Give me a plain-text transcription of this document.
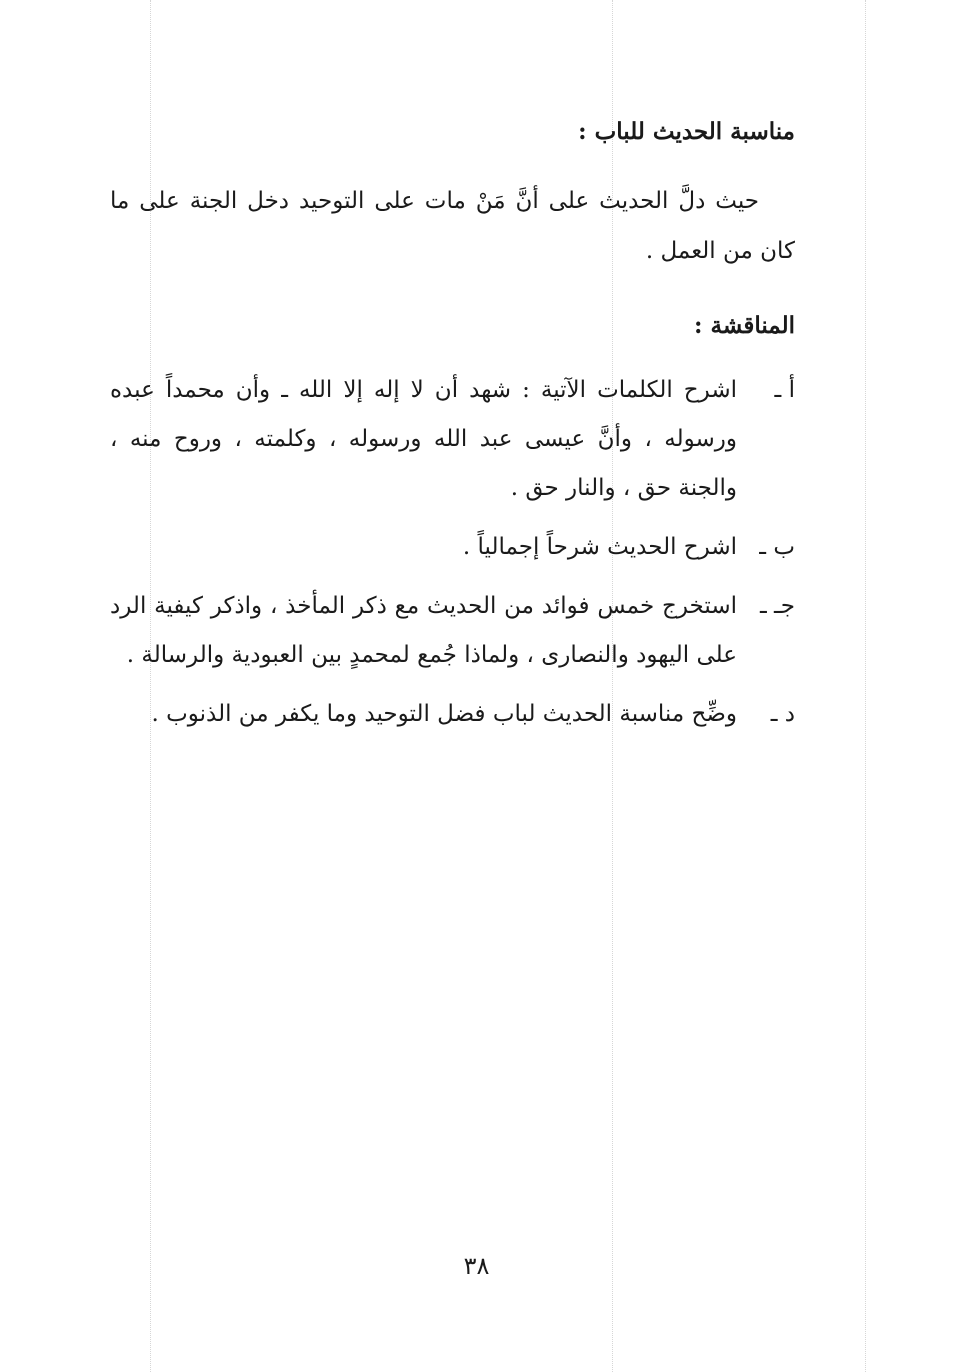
مناسبة الحديث للباب :

حيث دلَّ الحديث على أنَّ مَنْ مات على التوحيد دخل الجنة على ما كان من العمل .

المناقشة :
أ ـ
اشرح الكلمات الآتية : شهد أن لا إله إلا الله ـ وأن محمداً عبده ورسوله ، وأنَّ عيسى عبد الله ورسوله ، وكلمته ، وروح منه ، والجنة حق ، والنار حق .
ب ـ
اشرح الحديث شرحاً إجمالياً .
جـ ـ
استخرج خمس فوائد من الحديث مع ذكر المأخذ ، واذكر كيفية الرد على اليهود والنصارى ، ولماذا جُمع لمحمدٍ بين العبودية والرسالة .
د ـ
وضِّح مناسبة الحديث لباب فضل التوحيد وما يكفر من الذنوب .
٣٨
